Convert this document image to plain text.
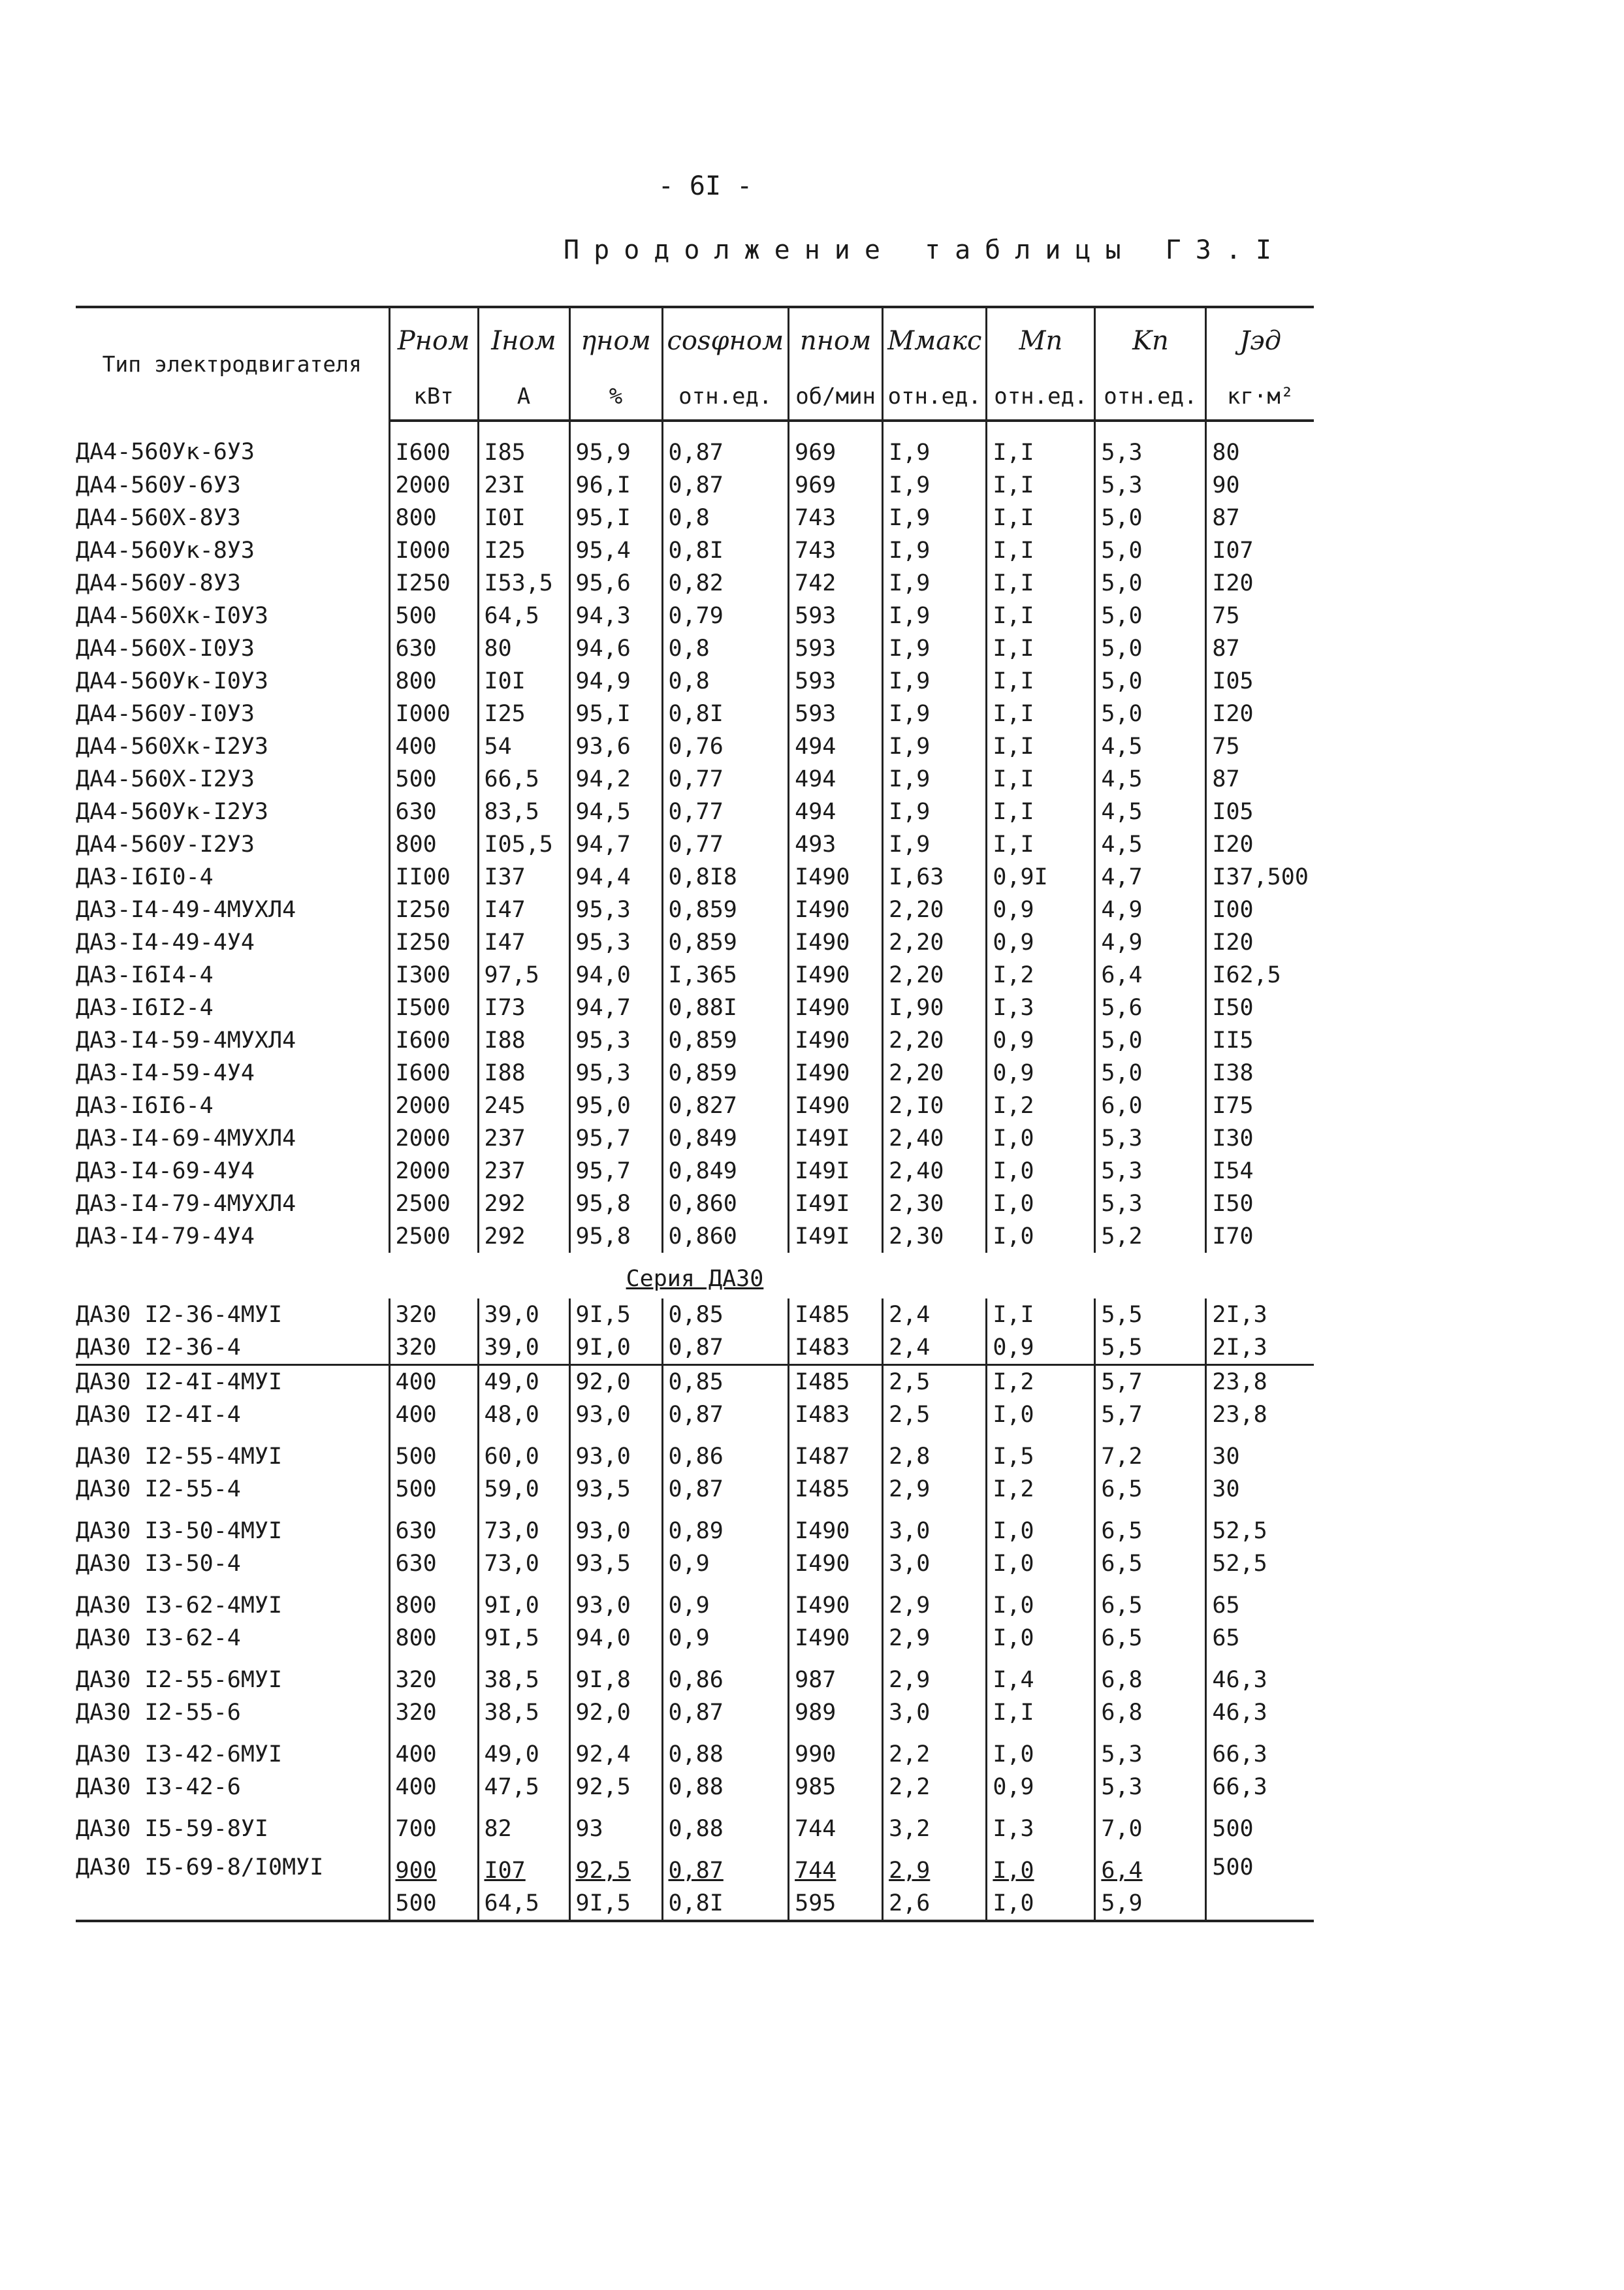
- 6I -
Продолжение таблицы Г3.I
Тип электродвигателя	Pном	Iном	ηном	cosφном	nном	Mмакс	Mп	Kп	Jэд
	кВт	А	%	отн.ед.	об/мин	отн.ед.	отн.ед.	отн.ед.	кг·м²
ДА4-560Ук-6УЗ	I600	I85	95,9	0,87	969	I,9	I,I	5,3	80
ДА4-560У-6УЗ	2000	23I	96,I	0,87	969	I,9	I,I	5,3	90
ДА4-560Х-8УЗ	800	I0I	95,I	0,8	743	I,9	I,I	5,0	87
ДА4-560Ук-8УЗ	I000	I25	95,4	0,8I	743	I,9	I,I	5,0	I07
ДА4-560У-8УЗ	I250	I53,5	95,6	0,82	742	I,9	I,I	5,0	I20
ДА4-560Хк-I0УЗ	500	64,5	94,3	0,79	593	I,9	I,I	5,0	75
ДА4-560Х-I0УЗ	630	80	94,6	0,8	593	I,9	I,I	5,0	87
ДА4-560Ук-I0УЗ	800	I0I	94,9	0,8	593	I,9	I,I	5,0	I05
ДА4-560У-I0УЗ	I000	I25	95,I	0,8I	593	I,9	I,I	5,0	I20
ДА4-560Хк-I2УЗ	400	54	93,6	0,76	494	I,9	I,I	4,5	75
ДА4-560Х-I2УЗ	500	66,5	94,2	0,77	494	I,9	I,I	4,5	87
ДА4-560Ук-I2УЗ	630	83,5	94,5	0,77	494	I,9	I,I	4,5	I05
ДА4-560У-I2УЗ	800	I05,5	94,7	0,77	493	I,9	I,I	4,5	I20
ДА3-I6I0-4	II00	I37	94,4	0,8I8	I490	I,63	0,9I	4,7	I37,500
ДА3-I4-49-4МУХЛ4	I250	I47	95,3	0,859	I490	2,20	0,9	4,9	I00
ДА3-I4-49-4У4	I250	I47	95,3	0,859	I490	2,20	0,9	4,9	I20
ДА3-I6I4-4	I300	97,5	94,0	I,365	I490	2,20	I,2	6,4	I62,5
ДА3-I6I2-4	I500	I73	94,7	0,88I	I490	I,90	I,3	5,6	I50
ДА3-I4-59-4МУХЛ4	I600	I88	95,3	0,859	I490	2,20	0,9	5,0	II5
ДА3-I4-59-4У4	I600	I88	95,3	0,859	I490	2,20	0,9	5,0	I38
ДА3-I6I6-4	2000	245	95,0	0,827	I490	2,I0	I,2	6,0	I75
ДА3-I4-69-4МУХЛ4	2000	237	95,7	0,849	I49I	2,40	I,0	5,3	I30
ДА3-I4-69-4У4	2000	237	95,7	0,849	I49I	2,40	I,0	5,3	I54
ДА3-I4-79-4МУХЛ4	2500	292	95,8	0,860	I49I	2,30	I,0	5,3	I50
ДА3-I4-79-4У4	2500	292	95,8	0,860	I49I	2,30	I,0	5,2	I70
Серия ДА30									
ДА30 I2-36-4МУI	320	39,0	9I,5	0,85	I485	2,4	I,I	5,5	2I,3
ДА30 I2-36-4	320	39,0	9I,0	0,87	I483	2,4	0,9	5,5	2I,3
ДА30 I2-4I-4МУI	400	49,0	92,0	0,85	I485	2,5	I,2	5,7	23,8
ДА30 I2-4I-4	400	48,0	93,0	0,87	I483	2,5	I,0	5,7	23,8
ДА30 I2-55-4МУI	500	60,0	93,0	0,86	I487	2,8	I,5	7,2	30
ДА30 I2-55-4	500	59,0	93,5	0,87	I485	2,9	I,2	6,5	30
ДА30 I3-50-4МУI	630	73,0	93,0	0,89	I490	3,0	I,0	6,5	52,5
ДА30 I3-50-4	630	73,0	93,5	0,9	I490	3,0	I,0	6,5	52,5
ДА30 I3-62-4МУI	800	9I,0	93,0	0,9	I490	2,9	I,0	6,5	65
ДА30 I3-62-4	800	9I,5	94,0	0,9	I490	2,9	I,0	6,5	65
ДА30 I2-55-6МУI	320	38,5	9I,8	0,86	987	2,9	I,4	6,8	46,3
ДА30 I2-55-6	320	38,5	92,0	0,87	989	3,0	I,I	6,8	46,3
ДА30 I3-42-6МУI	400	49,0	92,4	0,88	990	2,2	I,0	5,3	66,3
ДА30 I3-42-6	400	47,5	92,5	0,88	985	2,2	0,9	5,3	66,3
ДА30 I5-59-8УI	700	82	93	0,88	744	3,2	I,3	7,0	500
ДА30 I5-69-8/I0МУI	900	I07	92,5	0,87	744	2,9	I,0	6,4	500
	500	64,5	9I,5	0,8I	595	2,6	I,0	5,9	
